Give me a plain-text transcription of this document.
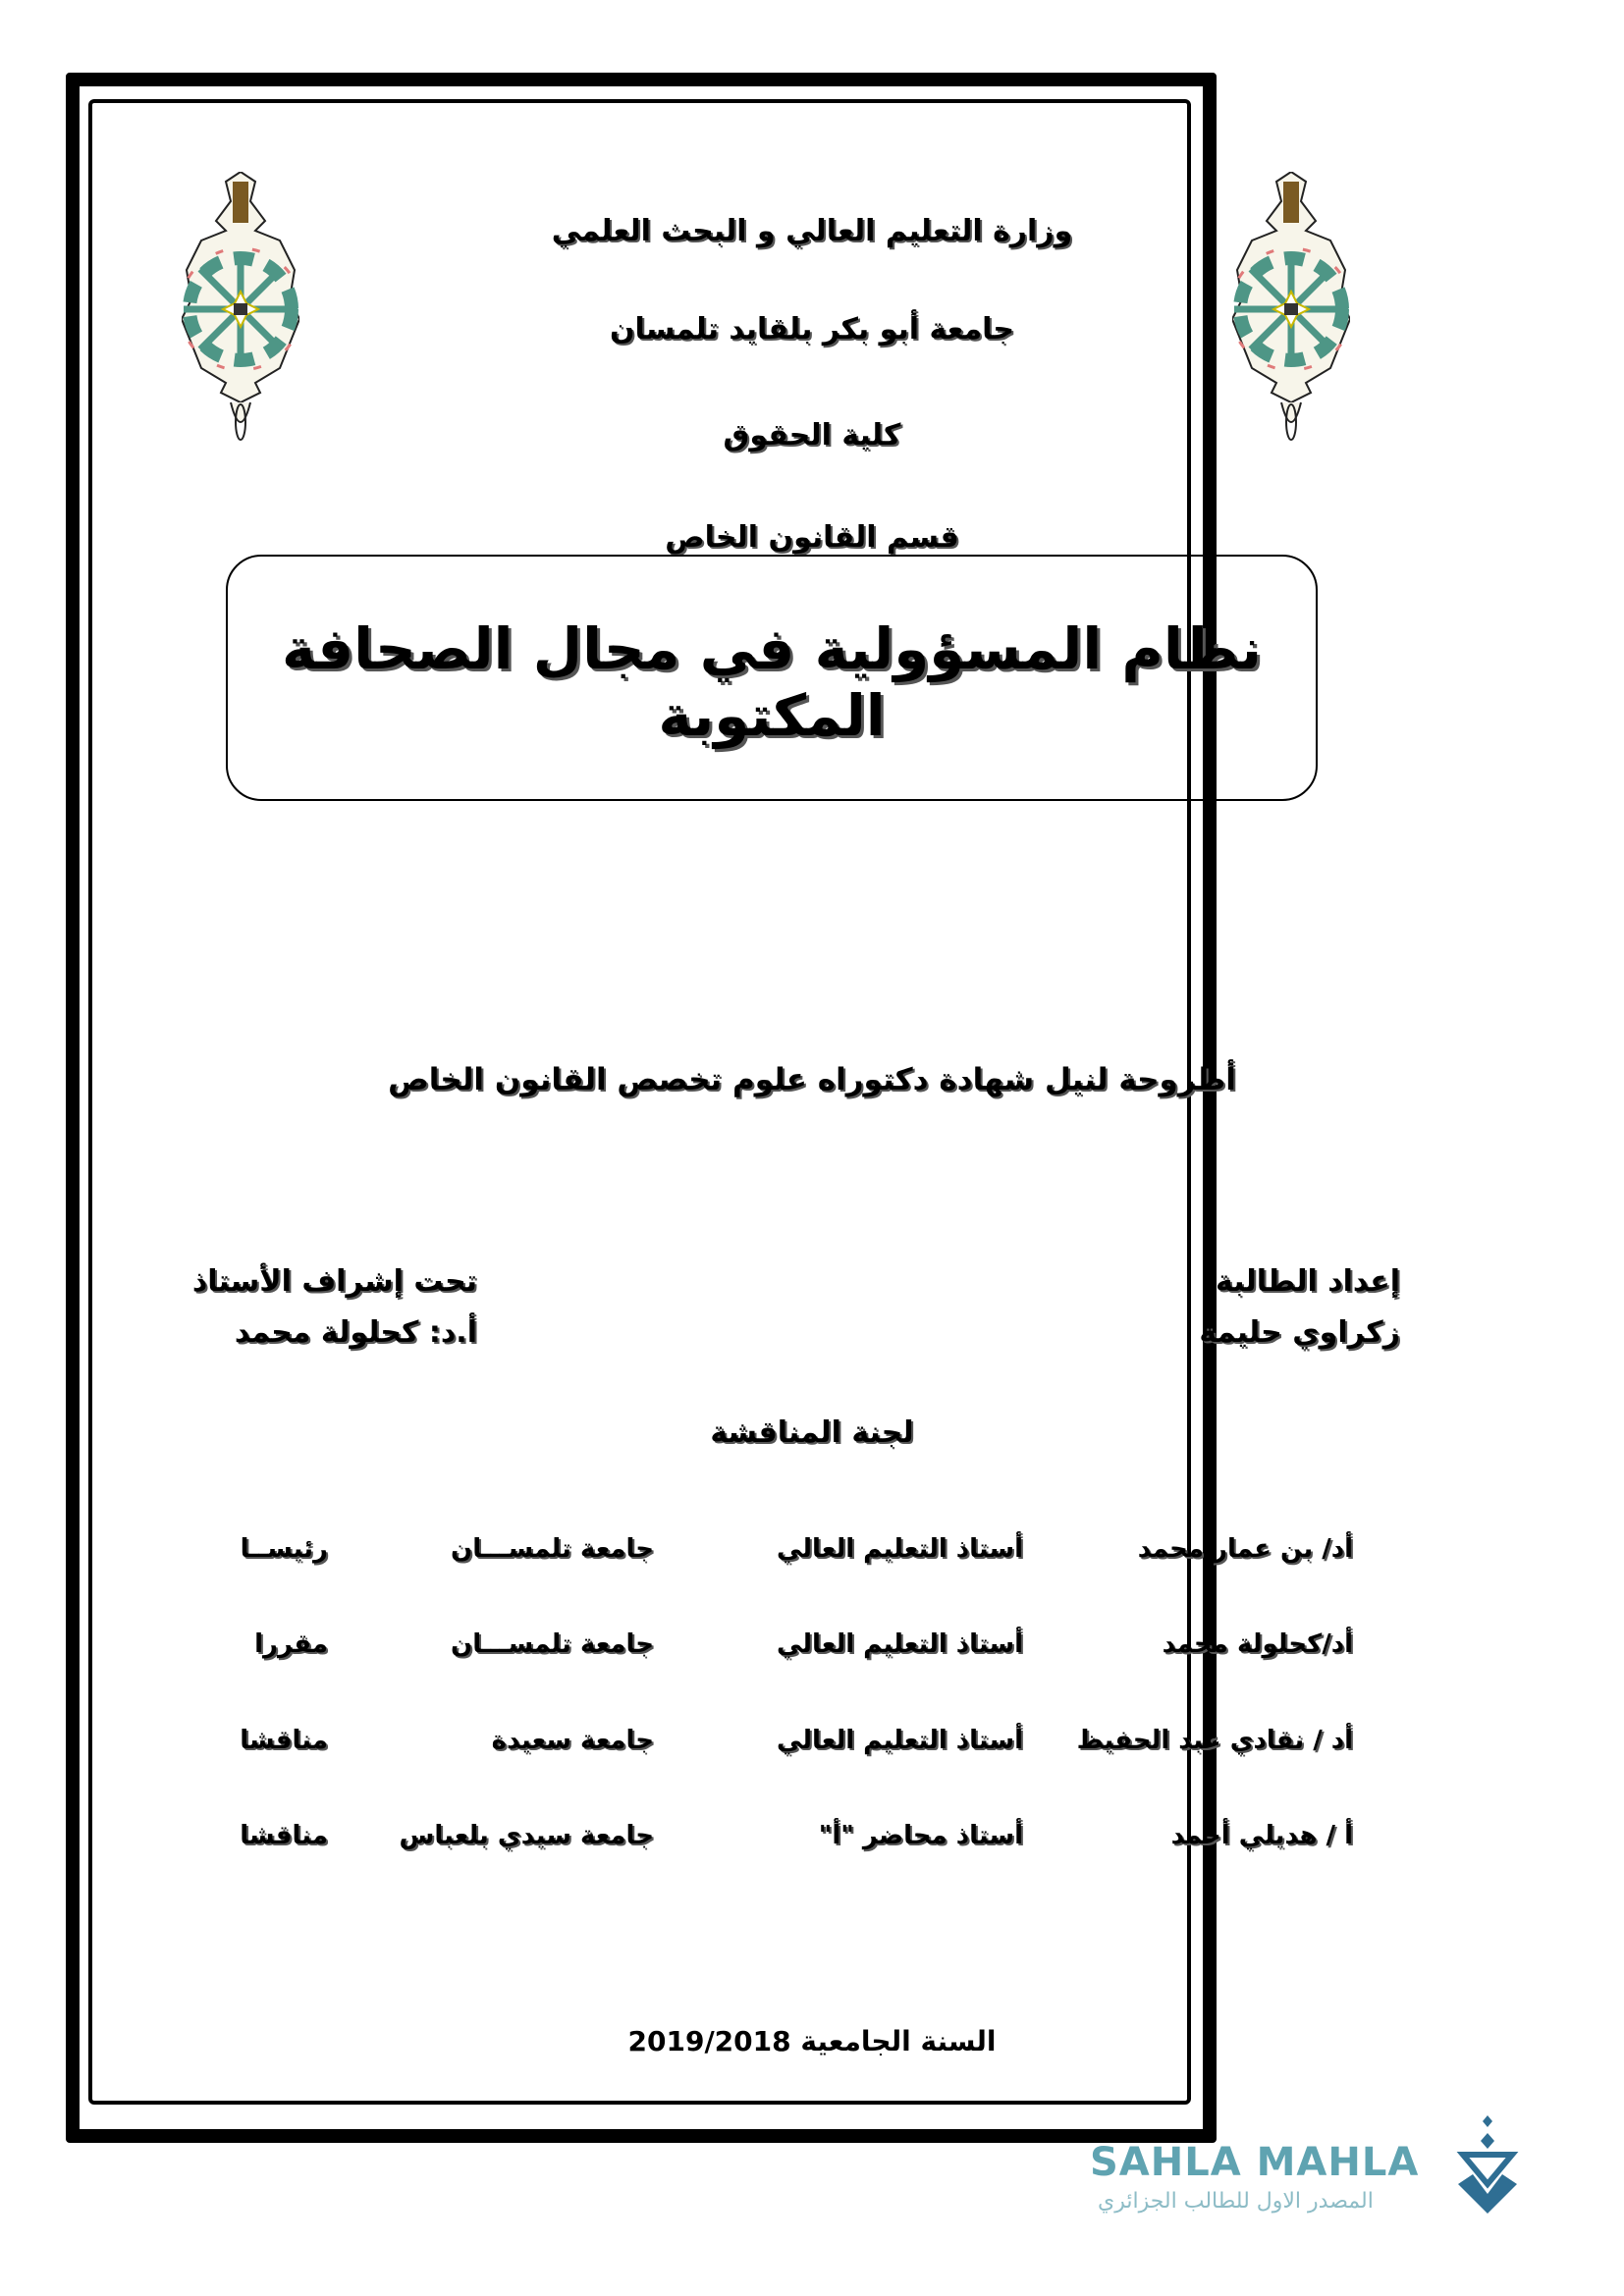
وزارة التعليم العالي و البحث العلمي
جامعة أبو بكر بلقايد تلمسان
كلية الحقوق
قسم القانون الخاص
نظام المسؤولية في مجال الصحافة المكتوبة
أطروحة لنيل شهادة دكتوراه علوم تخصص القانون الخاص
إعداد الطالبة
زكراوي حليمة
تحت إشراف الأستاذ
أ.د: كحلولة محمد
لجنة المناقشة
أد/ بن عمار محمد
أستاذ التعليم العالي
جامعة تلمســـان
رئيســا
أد/كحلولة محمد
أستاذ التعليم العالي
جامعة تلمســـان
مقررا
أد / نقادي عبد الحفيظ
أستاذ التعليم العالي
جامعة سعيدة
مناقشا
أ / هديلي أحمد
أستاذ محاضر "أ"
جامعة سيدي بلعباس
مناقشا
السنة الجامعية 2019/2018
SAHLA MAHLA
المصدر الاول للطالب الجزائري
